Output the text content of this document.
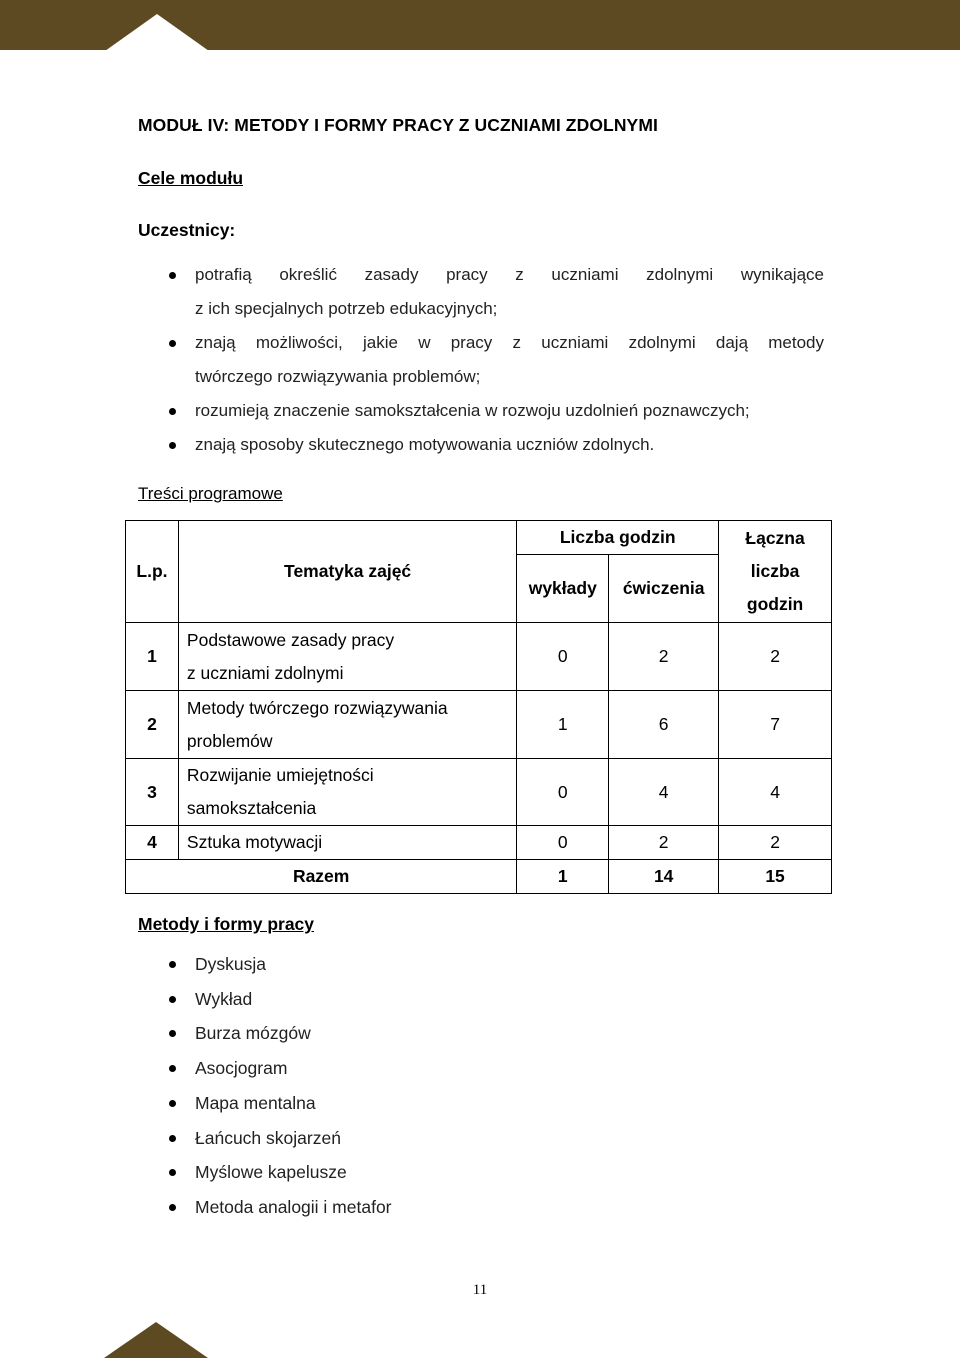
MODUŁ IV: METODY I FORMY PRACY Z UCZNIAMI ZDOLNYMI
Cele modułu
Uczestnicy:
potrafią określić zasady pracy z uczniami zdolnymi wynikające
z ich specjalnych potrzeb edukacyjnych;
znają możliwości, jakie w pracy z uczniami zdolnymi dają metody
twórczego rozwiązywania problemów;
rozumieją znaczenie samokształcenia w rozwoju uzdolnień poznawczych;
znają sposoby skutecznego motywowania uczniów zdolnych.
Treści programowe
L.p.	Tematyka zajęć	Liczba godzin		Łączna
liczba
godzin

		wykłady	ćwiczenia	
1	Podstawowe zasady pracy
z uczniami zdolnymi	0	2	2
2	Metody twórczego rozwiązywania
problemów	1	6	7
3	Rozwijanie umiejętności
samokształcenia	0	4	4
4	Sztuka motywacji	0	2	2
Razem		1	14	15
Metody i formy pracy
Dyskusja
Wykład
Burza mózgów
Asocjogram
Mapa mentalna
Łańcuch skojarzeń
Myślowe kapelusze
Metoda analogii i metafor
11
